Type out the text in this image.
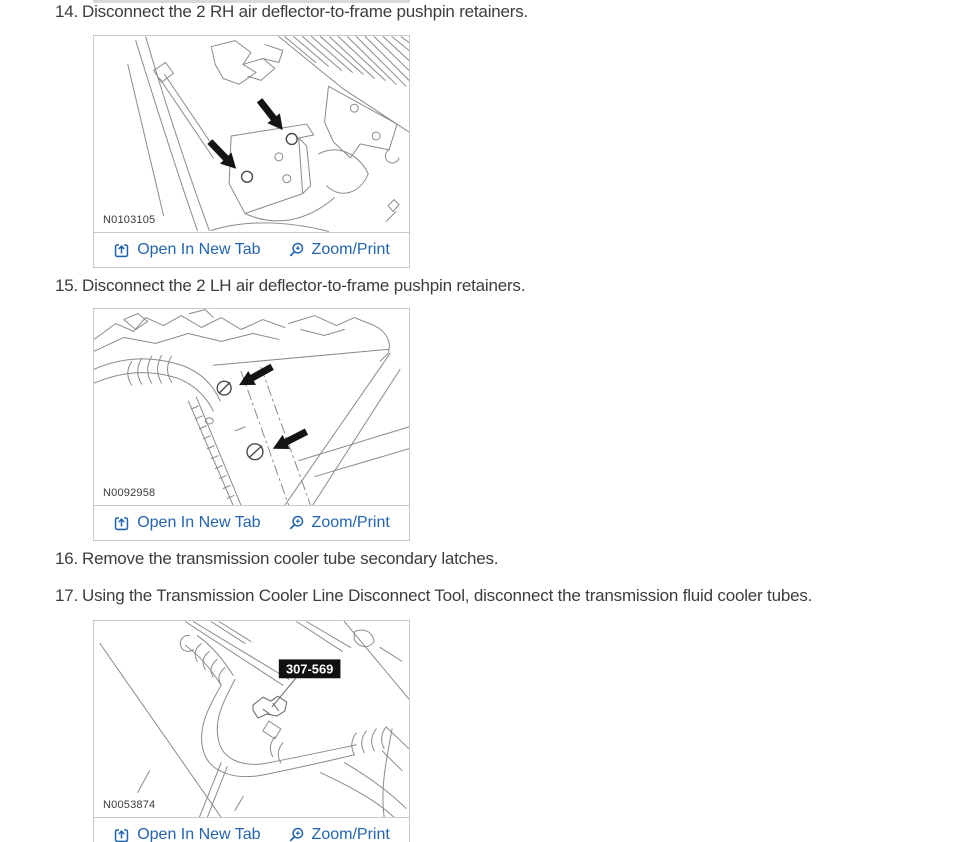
14. Disconnect the 2 RH air deflector-to-frame pushpin retainers.
N0103105
Open In New Tab	Zoom/Print
15. Disconnect the 2 LH air deflector-to-frame pushpin retainers.
N0092958
Open In New Tab	Zoom/Print
16. Remove the transmission cooler tube secondary latches.
17. Using the Transmission Cooler Line Disconnect Tool, disconnect the transmission fluid cooler tubes.
307-569
N0053874
Open In New Tab	Zoom/Print
